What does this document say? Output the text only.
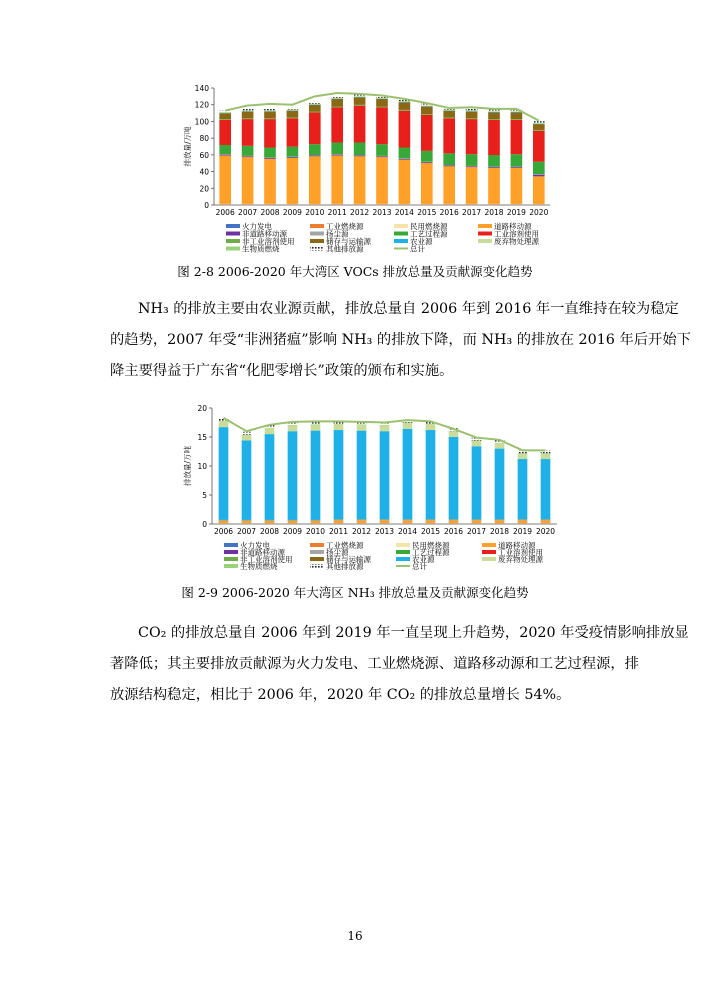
0
20
40
60
80
100
120
140
排放量/万吨
2006 2007 2008 2009 2010 2011 2012 2013 2014 2015 2016 2017 2018 2019 2020
火力发电	工业燃烧源	民用燃烧源	道路移动源
非道路移动源	扬尘源	工艺过程源	工业溶剂使用
非工业溶剂使用	储存与运输源	农业源	废弃物处理源
生物质燃烧	其他排放源	总计
图 2-8 2006-2020 年大湾区 VOCs 排放总量及贡献源变化趋势
NH₃ 的排放主要由农业源贡献，排放总量自 2006 年到 2016 年一直维持在较为稳定
的趋势，2007 年受“非洲猪瘟”影响 NH₃ 的排放下降，而 NH₃ 的排放在 2016 年后开始下
降主要得益于广东省“化肥零增长”政策的颁布和实施。
0
5
10
15
20
排放量/万吨
2006 2007 2008 2009 2010 2011 2012 2013 2014 2015 2016 2017 2018 2019 2020
火力发电	工业燃烧源	民用燃烧源	道路移动源
非道路移动源	扬尘源	工艺过程源	工业溶剂使用
非工业溶剂使用	储存与运输源	农业源	废弃物处理源
生物质燃烧	其他排放源	总计
图 2-9 2006-2020 年大湾区 NH₃ 排放总量及贡献源变化趋势
CO₂ 的排放总量自 2006 年到 2019 年一直呈现上升趋势，2020 年受疫情影响排放显
著降低；其主要排放贡献源为火力发电、工业燃烧源、道路移动源和工艺过程源，排
放源结构稳定，相比于 2006 年，2020 年 CO₂ 的排放总量增长 54%。
16
